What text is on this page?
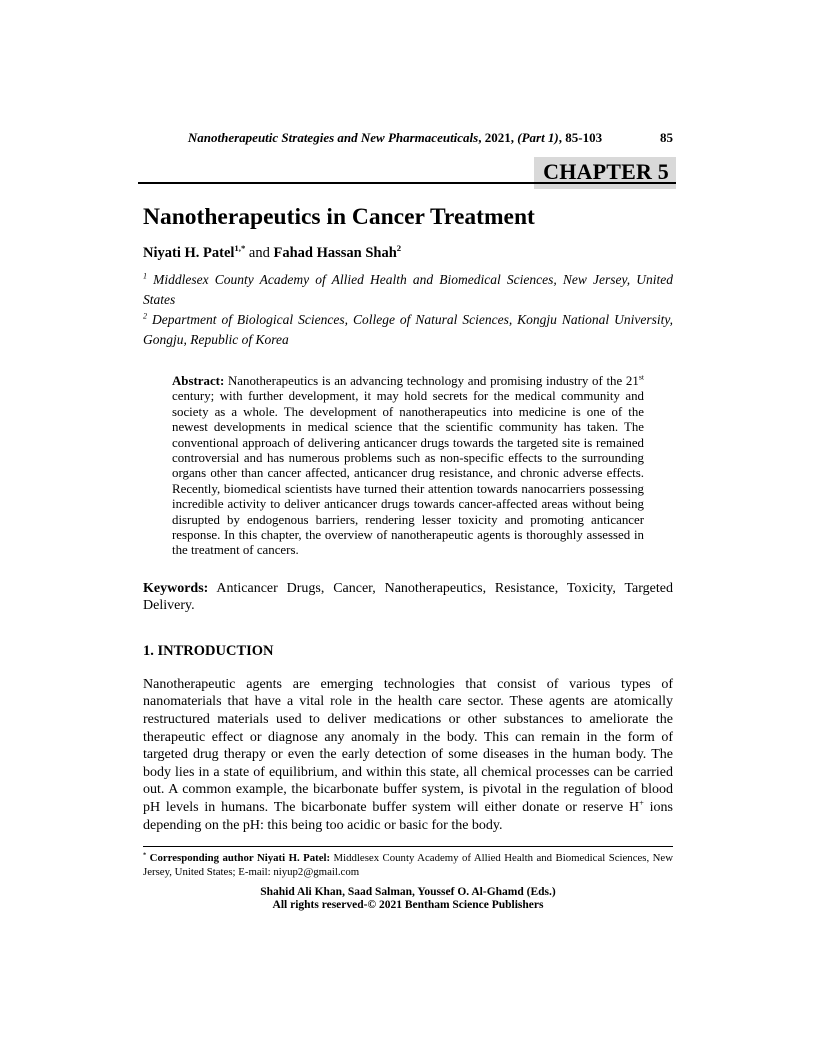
Nanotherapeutic Strategies and New Pharmaceuticals, 2021, (Part 1), 85-103	85
CHAPTER 5
Nanotherapeutics in Cancer Treatment
Niyati H. Patel$^{1,*}$ and Fahad Hassan Shah$^2$

$^1$ Middlesex County Academy of Allied Health and Biomedical Sciences, New Jersey, United States

$^2$ Department of Biological Sciences, College of Natural Sciences, Kongju National University, Gongju, Republic of Korea

Abstract: Nanotherapeutics is an advancing technology and promising industry of the 21st century; with further development, it may hold secrets for the medical community and society as a whole. The development of nanotherapeutics into medicine is one of the newest developments in medical science that the scientific community has taken. The conventional approach of delivering anticancer drugs towards the targeted site is remained controversial and has numerous problems such as non-specific effects to the surrounding organs other than cancer affected, anticancer drug resistance, and chronic adverse effects. Recently, biomedical scientists have turned their attention towards nanocarriers possessing incredible activity to deliver anticancer drugs towards cancer-affected areas without being disrupted by endogenous barriers, rendering lesser toxicity and promoting anticancer response. In this chapter, the overview of nanotherapeutic agents is thoroughly assessed in the treatment of cancers.
Keywords: Anticancer Drugs, Cancer, Nanotherapeutics, Resistance, Toxicity, Targeted Delivery.
1. INTRODUCTION
Nanotherapeutic agents are emerging technologies that consist of various types of nanomaterials that have a vital role in the health care sector. These agents are atomically restructured materials used to deliver medications or other substances to ameliorate the therapeutic effect or diagnose any anomaly in the body. This can remain in the form of targeted drug therapy or even the early detection of some diseases in the human body. The body lies in a state of equilibrium, and within this state, all chemical processes can be carried out. A common example, the bicarbonate buffer system, is pivotal in the regulation of blood pH levels in humans. The bicarbonate buffer system will either donate or reserve H+ ions depending on the pH: this being too acidic or basic for the body.
* Corresponding author Niyati H. Patel: Middlesex County Academy of Allied Health and Biomedical Sciences, New Jersey, United States; E-mail: niyup2@gmail.com
Shahid Ali Khan, Saad Salman, Youssef O. Al-Ghamd (Eds.)
All rights reserved-© 2021 Bentham Science Publishers
